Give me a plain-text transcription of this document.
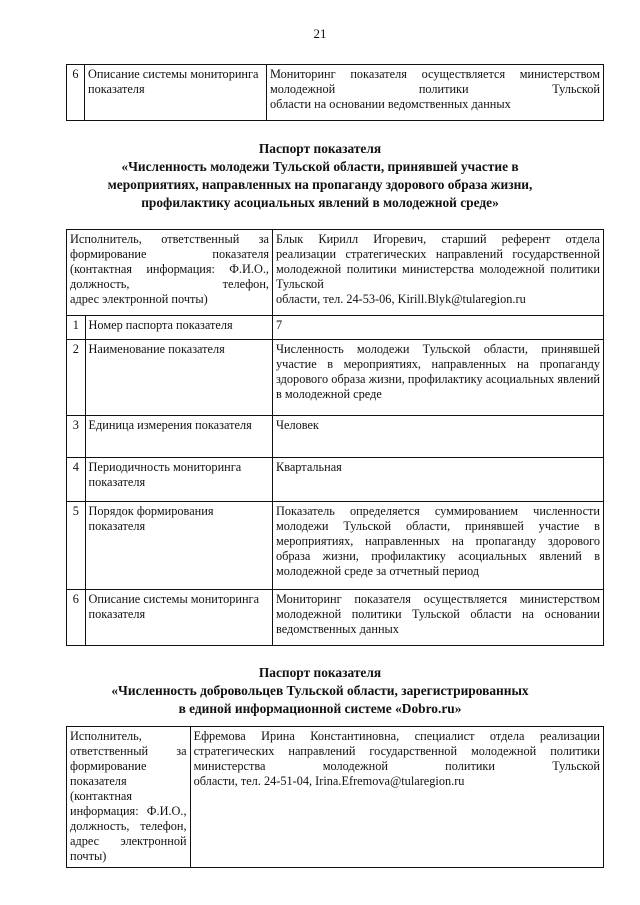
21
6	Описание системы мониторинга показателя	Мониторинг показателя осуществляется министерством молодежной политики Тульской
области на основании ведомственных данных
Паспорт показателя
«Численность молодежи Тульской области, принявшей участие в
мероприятиях, направленных на пропаганду здорового образа жизни,
профилактику асоциальных явлений в молодежной среде»
Исполнитель, ответственный за формирование показателя (контактная информация: Ф.И.О., должность, телефон,
адрес электронной почты)		Блык Кирилл Игоревич, старший референт отдела реализации стратегических направлений государственной молодежной политики министерства молодежной политики Тульской
области, тел. 24-53-06, Kirill.Blyk@tularegion.ru

1	Номер паспорта показателя	7
2	Наименование показателя	Численность молодежи Тульской области, принявшей участие в мероприятиях, направленных на пропаганду здорового образа жизни, профилактику асоциальных явлений в молодежной среде
3	Единица измерения показателя	Человек
4	Периодичность мониторинга показателя	Квартальная
5	Порядок формирования показателя	Показатель определяется суммированием численности молодежи Тульской области, принявшей участие в мероприятиях, направленных на пропаганду здорового образа жизни, профилактику асоциальных явлений в молодежной среде за отчетный период
6	Описание системы мониторинга показателя	Мониторинг показателя осуществляется министерством молодежной политики Тульской области на основании ведомственных данных
Паспорт показателя
«Численность добровольцев Тульской области, зарегистрированных
в единой информационной системе «Dobro.ru»
Исполнитель, ответственный за формирование показателя (контактная информация: Ф.И.О., должность, телефон,
адрес электронной почты)
	Ефремова Ирина Константиновна, специалист отдела реализации стратегических направлений государственной молодежной политики министерства молодежной политики Тульской
области, тел. 24-51-04, Irina.Efremova@tularegion.ru
